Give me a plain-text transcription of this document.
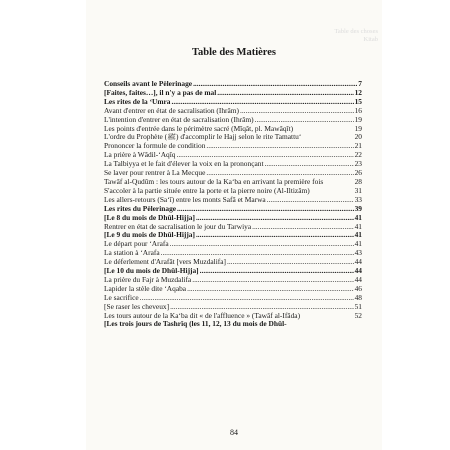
Table des choses
Kitab
Table des Matières
Conseils avant le Pèlerinage .....	7
[Faites, faites…], il n'y a pas de mal .....	12
Les rites de la ‘Umra .....	15
Avant d'entrer en état de sacralisation (Ihrâm) .....	16
L'intention d'entrer en état de sacralisation (Ihrâm) .....	19
Les points d'entrée dans le périmètre sacré (Mîqât, pl. Mawâqît)	19
L'ordre du Prophète (ﷺ) d'accomplir le Hajj selon le rite Tamattu‘	20
Prononcer la formule de condition .....	21
La prière à Wâdil-‘Aqîq .....	22
La Talbiyya et le fait d'élever la voix en la prononçant .....	23
Se laver pour rentrer à La Mecque .....	26
Tawâf al-Qudûm : les tours autour de la Ka‘ba en arrivant la première fois	28
S'accoler à la partie située entre la porte et la pierre noire (Al-Iltizâm)	31
Les allers-retours (Sa‘î) entre les monts Safâ et Marwa .....	33
Les rites du Pèlerinage .....	39
[Le 8 du mois de Dhûl-Hijja] .....	41
Rentrer en état de sacralisation le jour du Tarwiya .....	41
[Le 9 du mois de Dhûl-Hijja] .....	41
Le départ pour ‘Arafa .....	41
La station à ‘Arafa .....	43
Le déferlement d'Arafât [vers Muzdalifa] .....	44
[Le 10 du mois de Dhûl-Hijja] .....	44
La prière du Fajr à Muzdalifa .....	44
Lapider la stèle dite ‘Aqaba .....	46
Le sacrifice .....	48
[Se raser les cheveux] .....	51
Les tours autour de la Ka‘ba dit « de l'affluence » (Tawâf al-Ifâda)	52
[Les trois jours de Tashrîq (les 11, 12, 13 du mois de Dhûl-
84
